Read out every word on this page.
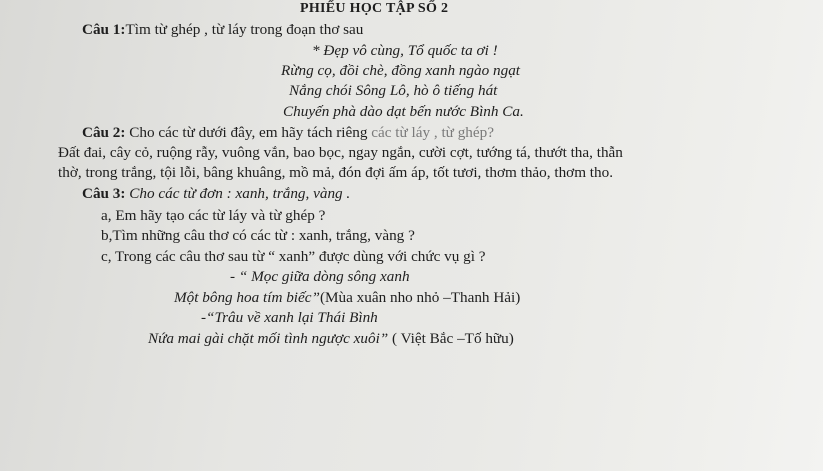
PHIẾU HỌC TẬP SỐ 2
Câu 1:Tìm từ ghép , từ láy trong đoạn thơ sau
* Đẹp vô cùng, Tổ quốc ta ơi !
Rừng cọ, đồi chè, đồng xanh ngào ngạt
Nắng chói Sông Lô, hò ô tiếng hát
Chuyến phà dào dạt bến nước Bình Ca.
Câu 2: Cho các từ dưới đây, em hãy tách riêng các từ láy , từ ghép?
Đất đai, cây cỏ, ruộng rẫy, vuông vắn, bao bọc, ngay ngắn, cười cợt, tướng tá, thướt tha, thẫn
thờ, trong trắng, tội lỗi, bâng khuâng, mồ mả, đón đợi ấm áp, tốt tươi, thơm thảo, thơm tho.
Câu 3: Cho các từ đơn : xanh, trắng, vàng .
a, Em hãy tạo các từ láy và từ ghép ?
b,Tìm những câu thơ có các từ : xanh, trắng, vàng ?
c, Trong các câu thơ sau từ “ xanh” được dùng với chức vụ gì ?
- “ Mọc giữa dòng sông xanh
Một bông hoa tím biếc”(Mùa xuân nho nhỏ –Thanh Hải)
-“Trâu về xanh lại Thái Bình
Nứa mai gài chặt mối tình ngược xuôi” ( Việt Bắc –Tố hữu)
